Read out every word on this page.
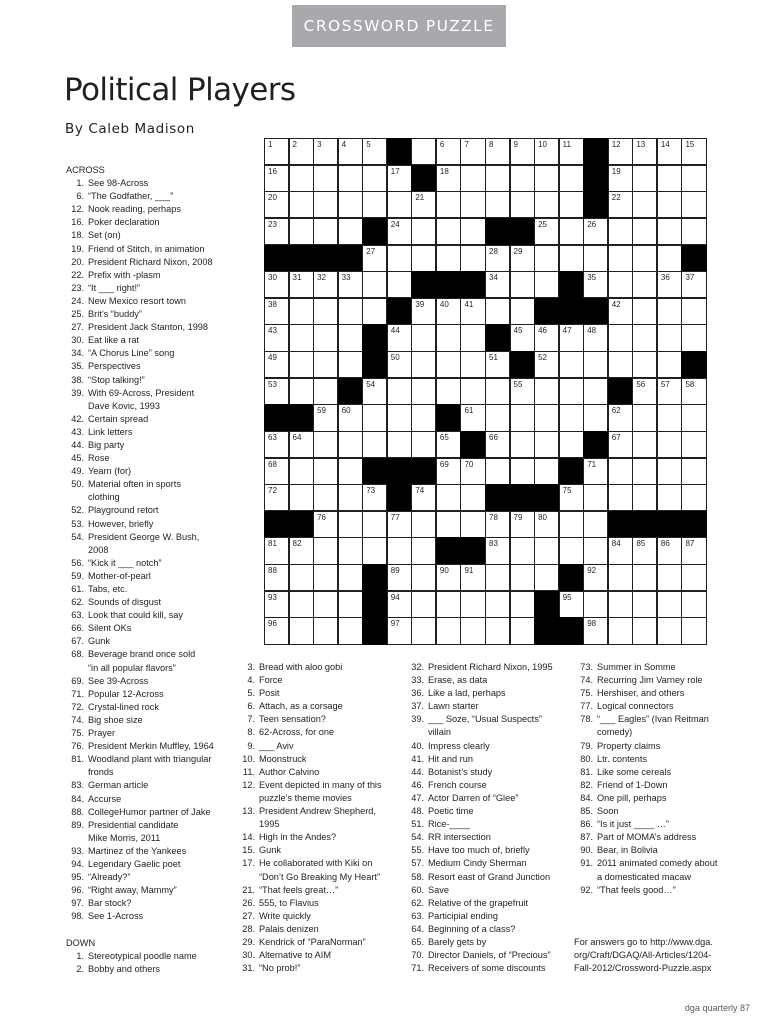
CROSSWORD PUZZLE
Political Players
By Caleb Madison
1	2	3	4	5	6	7	8	9	10 11	12 13 14 15
16	17	18	19
20	21	22
23	24	25	26
27	28 29
30 31 32 33	34	35	36 37
38	39 40 41	42
43	44	45 46 47 48
49	50	51	52
53	54	55	56 57 58
59 60	61	62
63 64	65	66	67
68	69 70	71
72	73	74	75
76	77	78 79 80
81 82	83	84 85 86 87
88	89	90 91	92
93	94	95
96	97	98
ACROSS
1. See 98-Across
6. “The Godfather, ___”
12. Nook reading, perhaps
16. Poker declaration
18. Set (on)
19. Friend of Stitch, in animation
20. President Richard Nixon, 2008
22. Prefix with -plasm
23. “It ___ right!”
24. New Mexico resort town
25. Brit’s “buddy”
27. President Jack Stanton, 1998
30. Eat like a rat
34. “A Chorus Line” song
35. Perspectives
38. “Stop talking!”
39. With 69-Across, President
Dave Kovic, 1993
42. Certain spread
43. Link letters
44. Big party
45. Rose
49. Yearn (for)
50. Material often in sports
clothing
52. Playground retort
53. However, briefly
54. President George W. Bush,
2008
56. “Kick it ___ notch”
59. Mother-of-pearl
61. Tabs, etc.
62. Sounds of disgust
63. Look that could kill, say
66. Silent OKs
67. Gunk
68. Beverage brand once sold
“in all popular flavors”
69. See 39-Across
71. Popular 12-Across
72. Crystal-lined rock
74. Big shoe size
75. Prayer
76. President Merkin Muffley, 1964
81. Woodland plant with triangular
fronds
83. German article
84. Accurse
88. CollegeHumor partner of Jake
89. Presidential candidate
Mike Morris, 2011
93. Martinez of the Yankees
94. Legendary Gaelic poet
95. “Already?”
96. “Right away, Mammy”
97. Bar stock?
98. See 1-Across
DOWN
1. Stereotypical poodle name
2. Bobby and others
3. Bread with aloo gobi
4. Force
5. Posit
6. Attach, as a corsage
7. Teen sensation?
8. 62-Across, for one
9. ___ Aviv
10. Moonstruck
11. Author Calvino
12. Event depicted in many of this
puzzle’s theme movies
13. President Andrew Shepherd,
1995
14. High in the Andes?
15. Gunk
17. He collaborated with Kiki on
“Don’t Go Breaking My Heart”
21. “That feels great…”
26. 555, to Flavius
27. Write quickly
28. Palais denizen
29. Kendrick of “ParaNorman”
30. Alternative to AIM
31. “No prob!”
32. President Richard Nixon, 1995
33. Erase, as data
36. Like a lad, perhaps
37. Lawn starter
39. ___ Soze, “Usual Suspects”
villain
40. Impress clearly
41. Hit and run
44. Botanist’s study
46. French course
47. Actor Darren of “Glee”
48. Poetic time
51. Rice-____
54. RR intersection
55. Have too much of, briefly
57. Medium Cindy Sherman
58. Resort east of Grand Junction
60. Save
62. Relative of the grapefruit
63. Participial ending
64. Beginning of a class?
65. Barely gets by
70. Director Daniels, of “Precious”
71. Receivers of some discounts
73. Summer in Somme
74. Recurring Jim Varney role
75. Hershiser, and others
77. Logical connectors
78. “___ Eagles” (Ivan Reitman
comedy)
79. Property claims
80. Ltr. contents
81. Like some cereals
82. Friend of 1-Down
84. One pill, perhaps
85. Soon
86. “Is it just ____ …”
87. Part of MOMA’s address
90. Bear, in Bolivia
91. 2011 animated comedy about
a domesticated macaw
92. “That feels good…”
For answers go to http://www.dga.
org/Craft/DGAQ/All-Articles/1204-
Fall-2012/Crossword-Puzzle.aspx
dga quarterly 87
